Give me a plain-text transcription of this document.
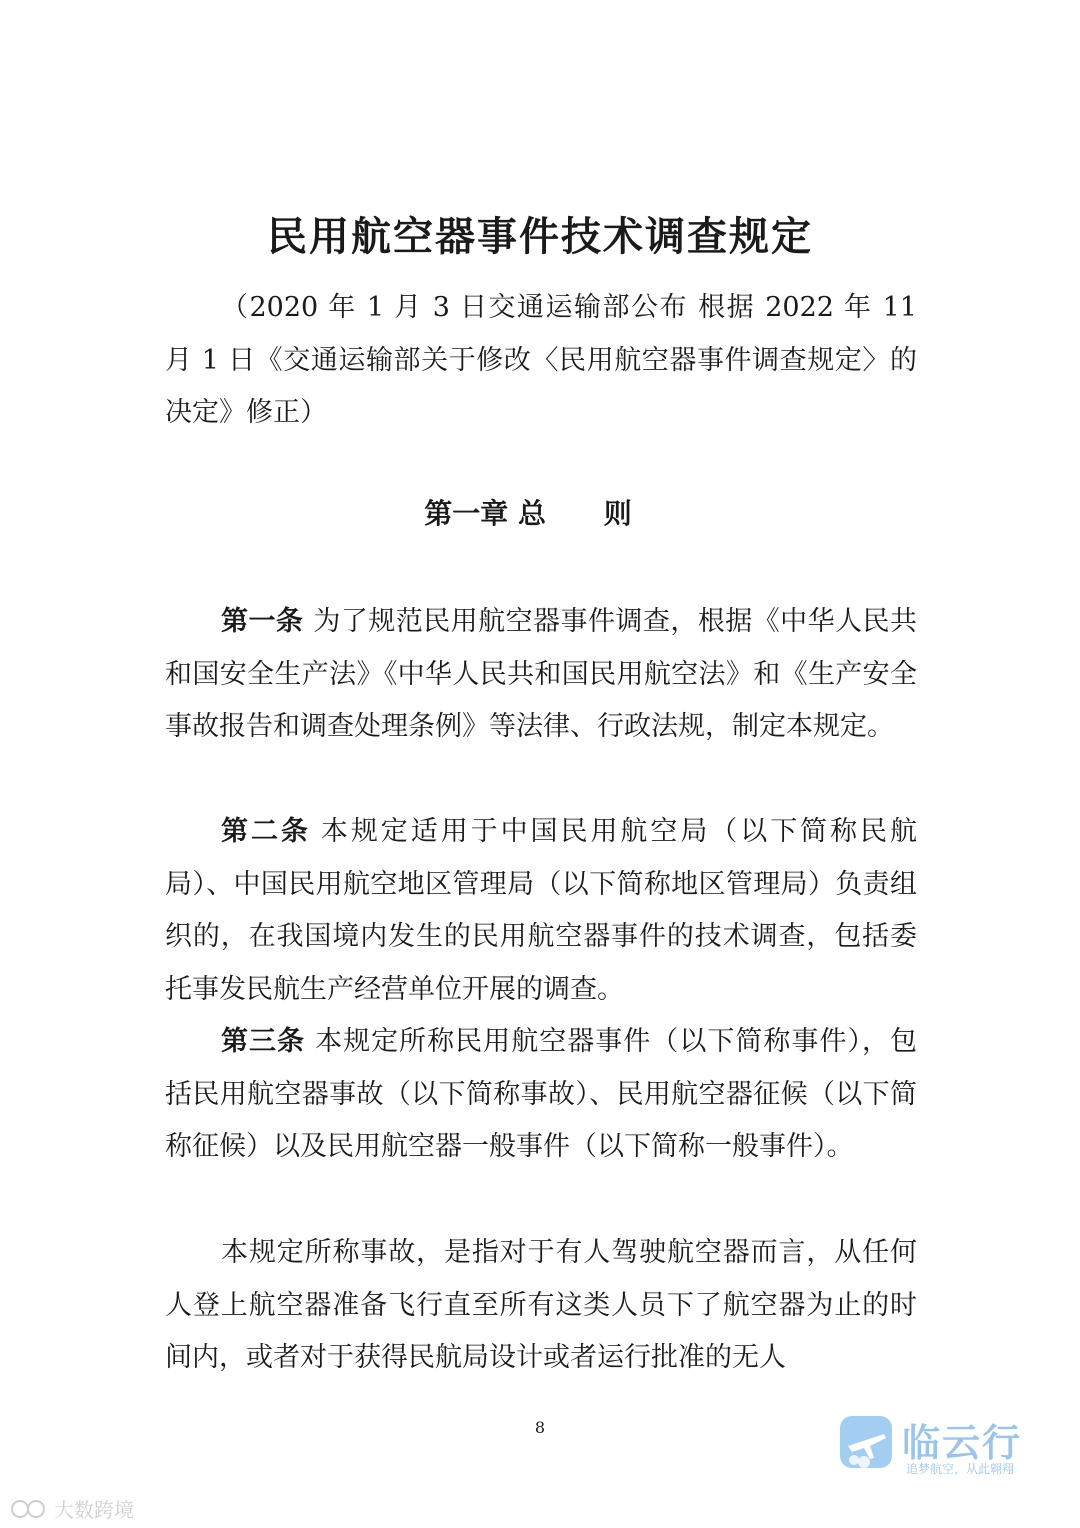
民用航空器事件技术调查规定
（2020 年 1 月 3 日交通运输部公布 根据 2022 年 11 月 1 日《交通运输部关于修改〈民用航空器事件调查规定〉的决定》修正）
第一章 总 则
第一条 为了规范民用航空器事件调查，根据《中华人民共和国安全生产法》《中华人民共和国民用航空法》和《生产安全事故报告和调查处理条例》等法律、行政法规，制定本规定。
第二条 本规定适用于中国民用航空局（以下简称民航局）、中国民用航空地区管理局（以下简称地区管理局）负责组织的，在我国境内发生的民用航空器事件的技术调查，包括委托事发民航生产经营单位开展的调查。
第三条 本规定所称民用航空器事件（以下简称事件），包括民用航空器事故（以下简称事故）、民用航空器征候（以下简称征候）以及民用航空器一般事件（以下简称一般事件）。
本规定所称事故，是指对于有人驾驶航空器而言，从任何人登上航空器准备飞行直至所有这类人员下了航空器为止的时间内，或者对于获得民航局设计或者运行批准的无人
8	临云行
追梦航空，从此翱翔
大数跨境
